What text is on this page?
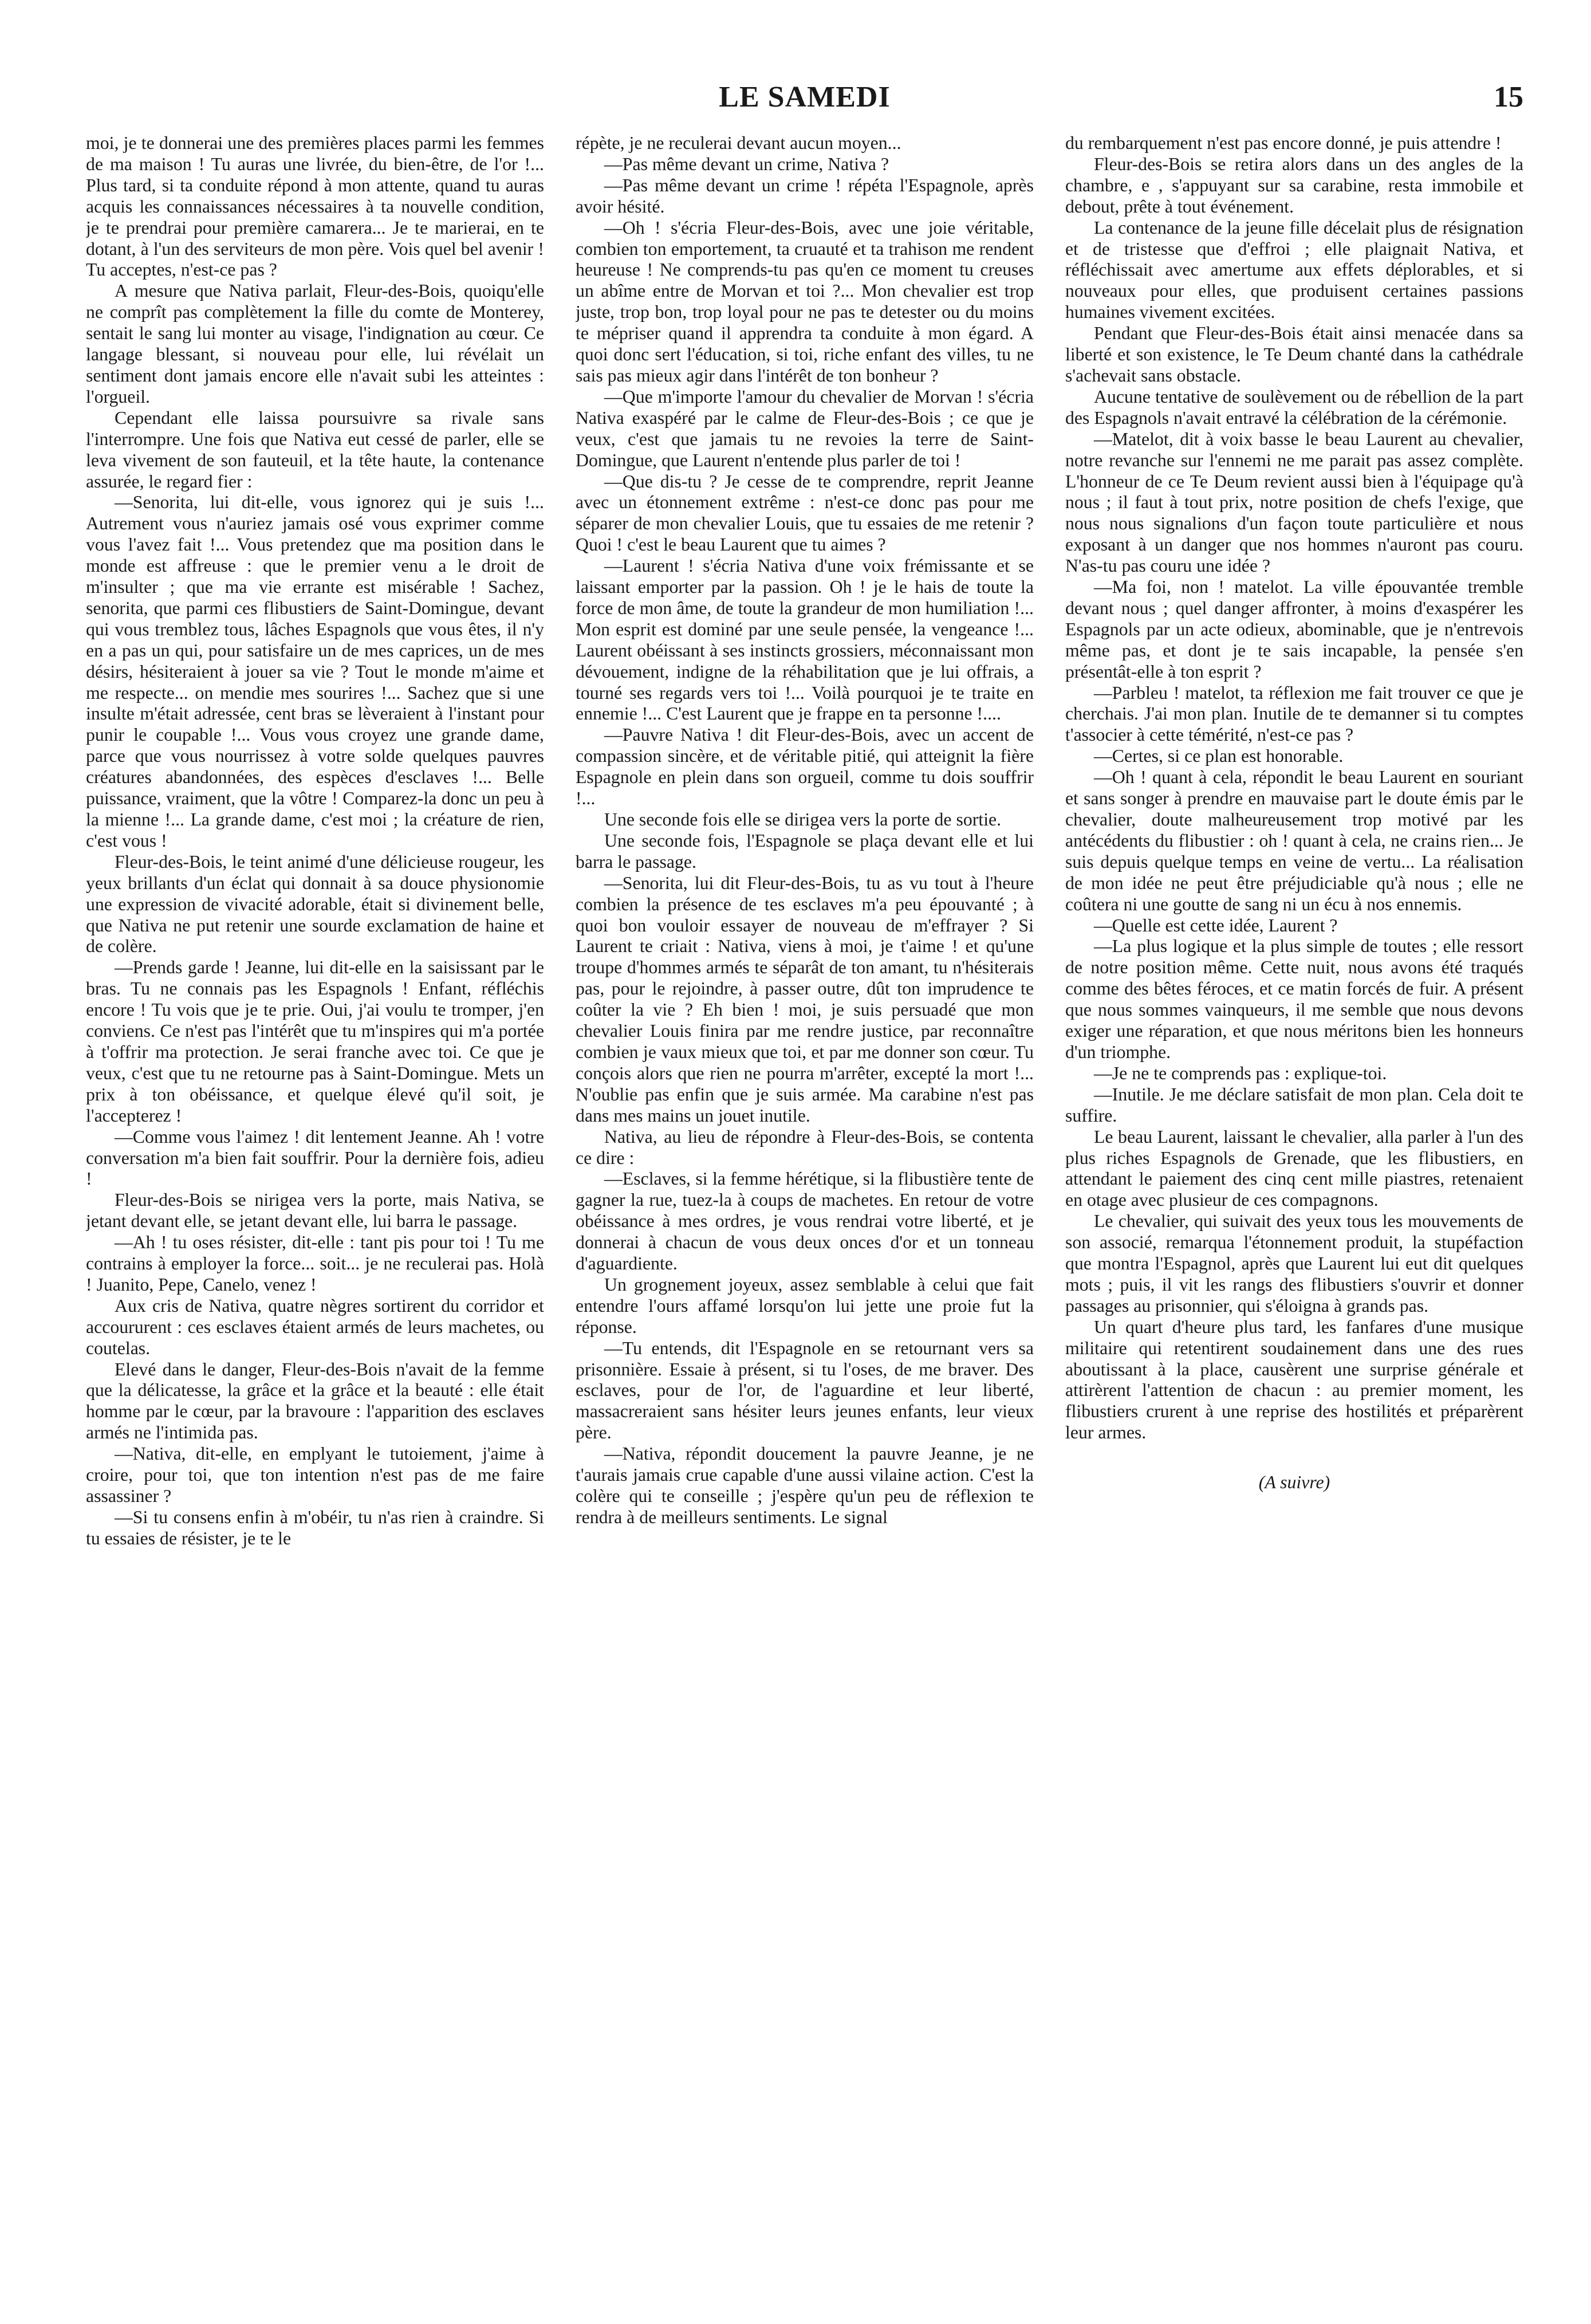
LE SAMEDI	15

moi, je te donnerai une des premières places parmi les femmes de ma maison ! Tu auras une livrée, du bien-être, de l'or !... Plus tard, si ta conduite répond à mon attente, quand tu auras acquis les connaissances nécessaires à ta nouvelle condition, je te prendrai pour première camarera... Je te marierai, en te dotant, à l'un des serviteurs de mon père. Vois quel bel avenir ! Tu acceptes, n'est-ce pas ?

A mesure que Nativa parlait, Fleur-des-Bois, quoiqu'elle ne comprît pas complètement la fille du comte de Monterey, sentait le sang lui monter au visage, l'indignation au cœur. Ce langage blessant, si nouveau pour elle, lui révélait un sentiment dont jamais encore elle n'avait subi les atteintes : l'orgueil.

Cependant elle laissa poursuivre sa rivale sans l'interrompre. Une fois que Nativa eut cessé de parler, elle se leva vivement de son fauteuil, et la tête haute, la contenance assurée, le regard fier :

—Senorita, lui dit-elle, vous ignorez qui je suis !... Autrement vous n'auriez jamais osé vous exprimer comme vous l'avez fait !... Vous pretendez que ma position dans le monde est affreuse : que le premier venu a le droit de m'insulter ; que ma vie errante est misérable ! Sachez, senorita, que parmi ces flibustiers de Saint-Domingue, devant qui vous tremblez tous, lâches Espagnols que vous êtes, il n'y en a pas un qui, pour satisfaire un de mes caprices, un de mes désirs, hésiteraient à jouer sa vie ? Tout le monde m'aime et me respecte... on mendie mes sourires !... Sachez que si une insulte m'était adressée, cent bras se lèveraient à l'instant pour punir le coupable !... Vous vous croyez une grande dame, parce que vous nourrissez à votre solde quelques pauvres créatures abandonnées, des espèces d'esclaves !... Belle puissance, vraiment, que la vôtre ! Comparez-la donc un peu à la mienne !... La grande dame, c'est moi ; la créature de rien, c'est vous !

Fleur-des-Bois, le teint animé d'une délicieuse rougeur, les yeux brillants d'un éclat qui donnait à sa douce physionomie une expression de vivacité adorable, était si divinement belle, que Nativa ne put retenir une sourde exclamation de haine et de colère.

—Prends garde ! Jeanne, lui dit-elle en la saisissant par le bras. Tu ne connais pas les Espagnols ! Enfant, réfléchis encore ! Tu vois que je te prie. Oui, j'ai voulu te tromper, j'en conviens. Ce n'est pas l'intérêt que tu m'inspires qui m'a portée à t'offrir ma protection. Je serai franche avec toi. Ce que je veux, c'est que tu ne retourne pas à Saint-Domingue. Mets un prix à ton obéissance, et quelque élevé qu'il soit, je l'accepterez !

—Comme vous l'aimez ! dit lentement Jeanne. Ah ! votre conversation m'a bien fait souffrir. Pour la dernière fois, adieu !

Fleur-des-Bois se nirigea vers la porte, mais Nativa, se jetant devant elle, se jetant devant elle, lui barra le passage.

—Ah ! tu oses résister, dit-elle : tant pis pour toi ! Tu me contrains à employer la force... soit... je ne reculerai pas. Holà ! Juanito, Pepe, Canelo, venez !

Aux cris de Nativa, quatre nègres sortirent du corridor et accoururent : ces esclaves étaient armés de leurs machetes, ou coutelas.

Elevé dans le danger, Fleur-des-Bois n'avait de la femme que la délicatesse, la grâce et la grâce et la beauté : elle était homme par le cœur, par la bravoure : l'apparition des esclaves armés ne l'intimida pas.

—Nativa, dit-elle, en emplyant le tutoiement, j'aime à croire, pour toi, que ton intention n'est pas de me faire assassiner ?

—Si tu consens enfin à m'obéir, tu n'as rien à craindre. Si tu essaies de résister, je te le

répète, je ne reculerai devant aucun moyen...

—Pas même devant un crime, Nativa ?

—Pas même devant un crime ! répéta l'Espagnole, après avoir hésité.

—Oh ! s'écria Fleur-des-Bois, avec une joie véritable, combien ton emportement, ta cruauté et ta trahison me rendent heureuse ! Ne comprends-tu pas qu'en ce moment tu creuses un abîme entre de Morvan et toi ?... Mon chevalier est trop juste, trop bon, trop loyal pour ne pas te detester ou du moins te mépriser quand il apprendra ta conduite à mon égard. A quoi donc sert l'éducation, si toi, riche enfant des villes, tu ne sais pas mieux agir dans l'intérêt de ton bonheur ?

—Que m'importe l'amour du chevalier de Morvan ! s'écria Nativa exaspéré par le calme de Fleur-des-Bois ; ce que je veux, c'est que jamais tu ne revoies la terre de Saint-Domingue, que Laurent n'entende plus parler de toi !

—Que dis-tu ? Je cesse de te comprendre, reprit Jeanne avec un étonnement extrême : n'est-ce donc pas pour me séparer de mon chevalier Louis, que tu essaies de me retenir ? Quoi ! c'est le beau Laurent que tu aimes ?

—Laurent ! s'écria Nativa d'une voix frémissante et se laissant emporter par la passion. Oh ! je le hais de toute la force de mon âme, de toute la grandeur de mon humiliation !... Mon esprit est dominé par une seule pensée, la vengeance !... Laurent obéissant à ses instincts grossiers, méconnaissant mon dévouement, indigne de la réhabilitation que je lui offrais, a tourné ses regards vers toi !... Voilà pourquoi je te traite en ennemie !... C'est Laurent que je frappe en ta personne !....

—Pauvre Nativa ! dit Fleur-des-Bois, avec un accent de compassion sincère, et de véritable pitié, qui atteignit la fière Espagnole en plein dans son orgueil, comme tu dois souffrir !...

Une seconde fois elle se dirigea vers la porte de sortie.

Une seconde fois, l'Espagnole se plaça devant elle et lui barra le passage.

—Senorita, lui dit Fleur-des-Bois, tu as vu tout à l'heure combien la présence de tes esclaves m'a peu épouvanté ; à quoi bon vouloir essayer de nouveau de m'effrayer ? Si Laurent te criait : Nativa, viens à moi, je t'aime ! et qu'une troupe d'hommes armés te séparât de ton amant, tu n'hésiterais pas, pour le rejoindre, à passer outre, dût ton imprudence te coûter la vie ? Eh bien ! moi, je suis persuadé que mon chevalier Louis finira par me rendre justice, par reconnaître combien je vaux mieux que toi, et par me donner son cœur. Tu conçois alors que rien ne pourra m'arrêter, excepté la mort !... N'oublie pas enfin que je suis armée. Ma carabine n'est pas dans mes mains un jouet inutile.

Nativa, au lieu de répondre à Fleur-des-Bois, se contenta ce dire :

—Esclaves, si la femme hérétique, si la flibustière tente de gagner la rue, tuez-la à coups de machetes. En retour de votre obéissance à mes ordres, je vous rendrai votre liberté, et je donnerai à chacun de vous deux onces d'or et un tonneau d'aguardiente.

Un grognement joyeux, assez semblable à celui que fait entendre l'ours affamé lorsqu'on lui jette une proie fut la réponse.

—Tu entends, dit l'Espagnole en se retournant vers sa prisonnière. Essaie à présent, si tu l'oses, de me braver. Des esclaves, pour de l'or, de l'aguardine et leur liberté, massacreraient sans hésiter leurs jeunes enfants, leur vieux père.

—Nativa, répondit doucement la pauvre Jeanne, je ne t'aurais jamais crue capable d'une aussi vilaine action. C'est la colère qui te conseille ; j'espère qu'un peu de réflexion te rendra à de meilleurs sentiments. Le signal

du rembarquement n'est pas encore donné, je puis attendre !

Fleur-des-Bois se retira alors dans un des angles de la chambre, e , s'appuyant sur sa carabine, resta immobile et debout, prête à tout événement.

La contenance de la jeune fille décelait plus de résignation et de tristesse que d'effroi ; elle plaignait Nativa, et réfléchissait avec amertume aux effets déplorables, et si nouveaux pour elles, que produisent certaines passions humaines vivement excitées.

Pendant que Fleur-des-Bois était ainsi menacée dans sa liberté et son existence, le Te Deum chanté dans la cathédrale s'achevait sans obstacle.

Aucune tentative de soulèvement ou de rébellion de la part des Espagnols n'avait entravé la célébration de la cérémonie.

—Matelot, dit à voix basse le beau Laurent au chevalier, notre revanche sur l'ennemi ne me parait pas assez complète. L'honneur de ce Te Deum revient aussi bien à l'équipage qu'à nous ; il faut à tout prix, notre position de chefs l'exige, que nous nous signalions d'un façon toute particulière et nous exposant à un danger que nos hommes n'auront pas couru. N'as-tu pas couru une idée ?

—Ma foi, non ! matelot. La ville épouvantée tremble devant nous ; quel danger affronter, à moins d'exaspérer les Espagnols par un acte odieux, abominable, que je n'entrevois même pas, et dont je te sais incapable, la pensée s'en présentât-elle à ton esprit ?

—Parbleu ! matelot, ta réflexion me fait trouver ce que je cherchais. J'ai mon plan. Inutile de te demanner si tu comptes t'associer à cette témérité, n'est-ce pas ?

—Certes, si ce plan est honorable.

—Oh ! quant à cela, répondit le beau Laurent en souriant et sans songer à prendre en mauvaise part le doute émis par le chevalier, doute malheureusement trop motivé par les antécédents du flibustier : oh ! quant à cela, ne crains rien... Je suis depuis quelque temps en veine de vertu... La réalisation de mon idée ne peut être préjudiciable qu'à nous ; elle ne coûtera ni une goutte de sang ni un écu à nos ennemis.

—Quelle est cette idée, Laurent ?

—La plus logique et la plus simple de toutes ; elle ressort de notre position même. Cette nuit, nous avons été traqués comme des bêtes féroces, et ce matin forcés de fuir. A présent que nous sommes vainqueurs, il me semble que nous devons exiger une réparation, et que nous méritons bien les honneurs d'un triomphe.

—Je ne te comprends pas : explique-toi.

—Inutile. Je me déclare satisfait de mon plan. Cela doit te suffire.

Le beau Laurent, laissant le chevalier, alla parler à l'un des plus riches Espagnols de Grenade, que les flibustiers, en attendant le paiement des cinq cent mille piastres, retenaient en otage avec plusieur de ces compagnons.

Le chevalier, qui suivait des yeux tous les mouvements de son associé, remarqua l'étonnement produit, la stupéfaction que montra l'Espagnol, après que Laurent lui eut dit quelques mots ; puis, il vit les rangs des flibustiers s'ouvrir et donner passages au prisonnier, qui s'éloigna à grands pas.

Un quart d'heure plus tard, les fanfares d'une musique militaire qui retentirent soudainement dans une des rues aboutissant à la place, causèrent une surprise générale et attirèrent l'attention de chacun : au premier moment, les flibustiers crurent à une reprise des hostilités et préparèrent leur armes.

(A suivre)
